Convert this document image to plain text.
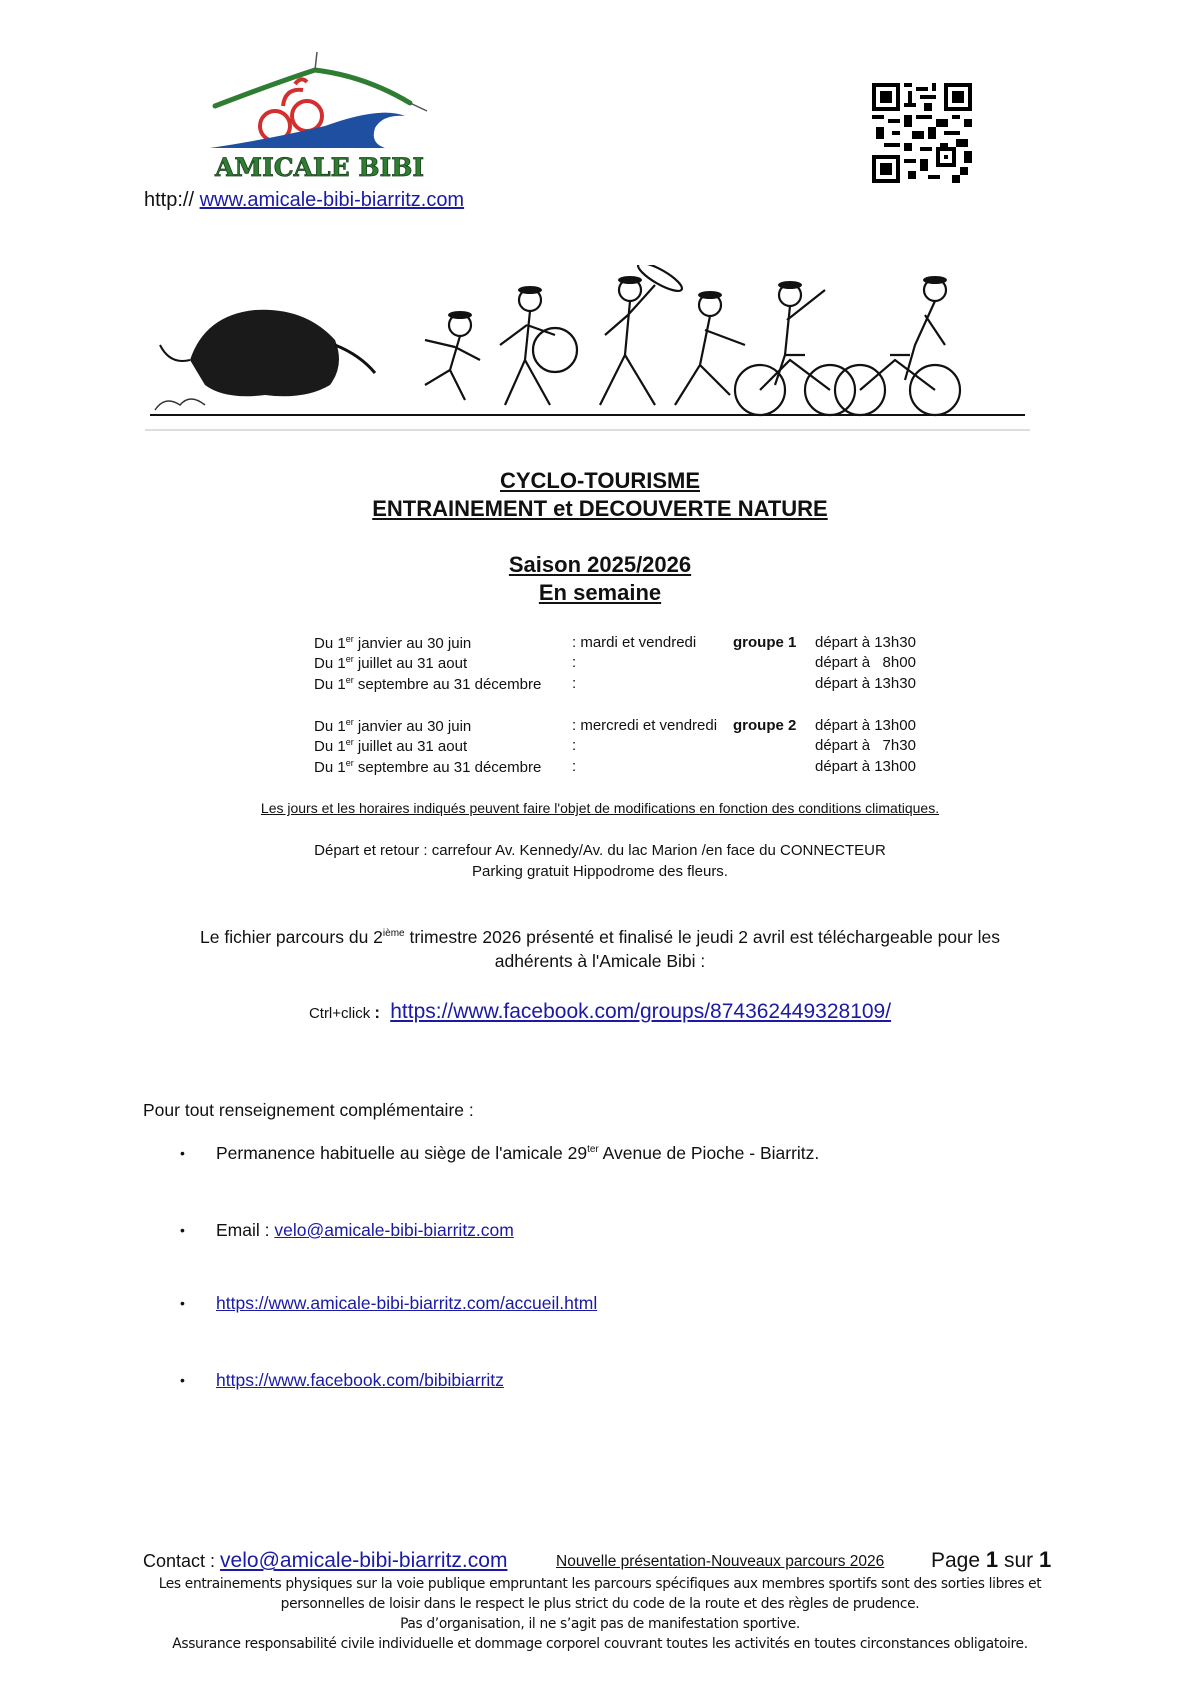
AMICALE BIBI
http:// www.amicale-bibi-biarritz.com
CYCLO-TOURISME
ENTRAINEMENT et DECOUVERTE NATURE
Saison 2025/2026
En semaine
Du 1er janvier au 30 juin	: mardi et vendredi groupe 1 départ à 13h30
Du 1er juillet au 31 aout	:	départ à   8h00
Du 1er septembre au 31 décembre :	départ à 13h30
Du 1er janvier au 30 juin	: mercredi et vendredi groupe 2 départ à 13h00
Du 1er juillet au 31 aout	:	départ à   7h30
Du 1er septembre au 31 décembre :	départ à 13h00
Les jours et les horaires indiqués peuvent faire l'objet de modifications en fonction des conditions climatiques.
Départ et retour : carrefour Av. Kennedy/Av. du lac Marion /en face du CONNECTEUR
Parking gratuit Hippodrome des fleurs.
Le fichier parcours du 2ième trimestre 2026 présenté et finalisé le jeudi 2 avril est téléchargeable pour les
adhérents à l'Amicale Bibi :
Ctrl+click : https://www.facebook.com/groups/874362449328109/
Pour tout renseignement complémentaire :
• Permanence habituelle au siège de l'amicale $29^{ter}$ Avenue de Pioche - Biarritz.
• Email : velo@amicale-bibi-biarritz.com
• https://www.amicale-bibi-biarritz.com/accueil.html
• https://www.facebook.com/bibibiarritz
Contact : velo@amicale-bibi-biarritz.com	Nouvelle présentation-Nouveaux parcours 2026 Page 1 sur 1
Les entrainements physiques sur la voie publique empruntant les parcours spécifiques aux membres sportifs sont des sorties libres et
personnelles de loisir dans le respect le plus strict du code de la route et des règles de prudence.
Pas d’organisation, il ne s’agit pas de manifestation sportive.
Assurance responsabilité civile individuelle et dommage corporel couvrant toutes les activités en toutes circonstances obligatoire.
